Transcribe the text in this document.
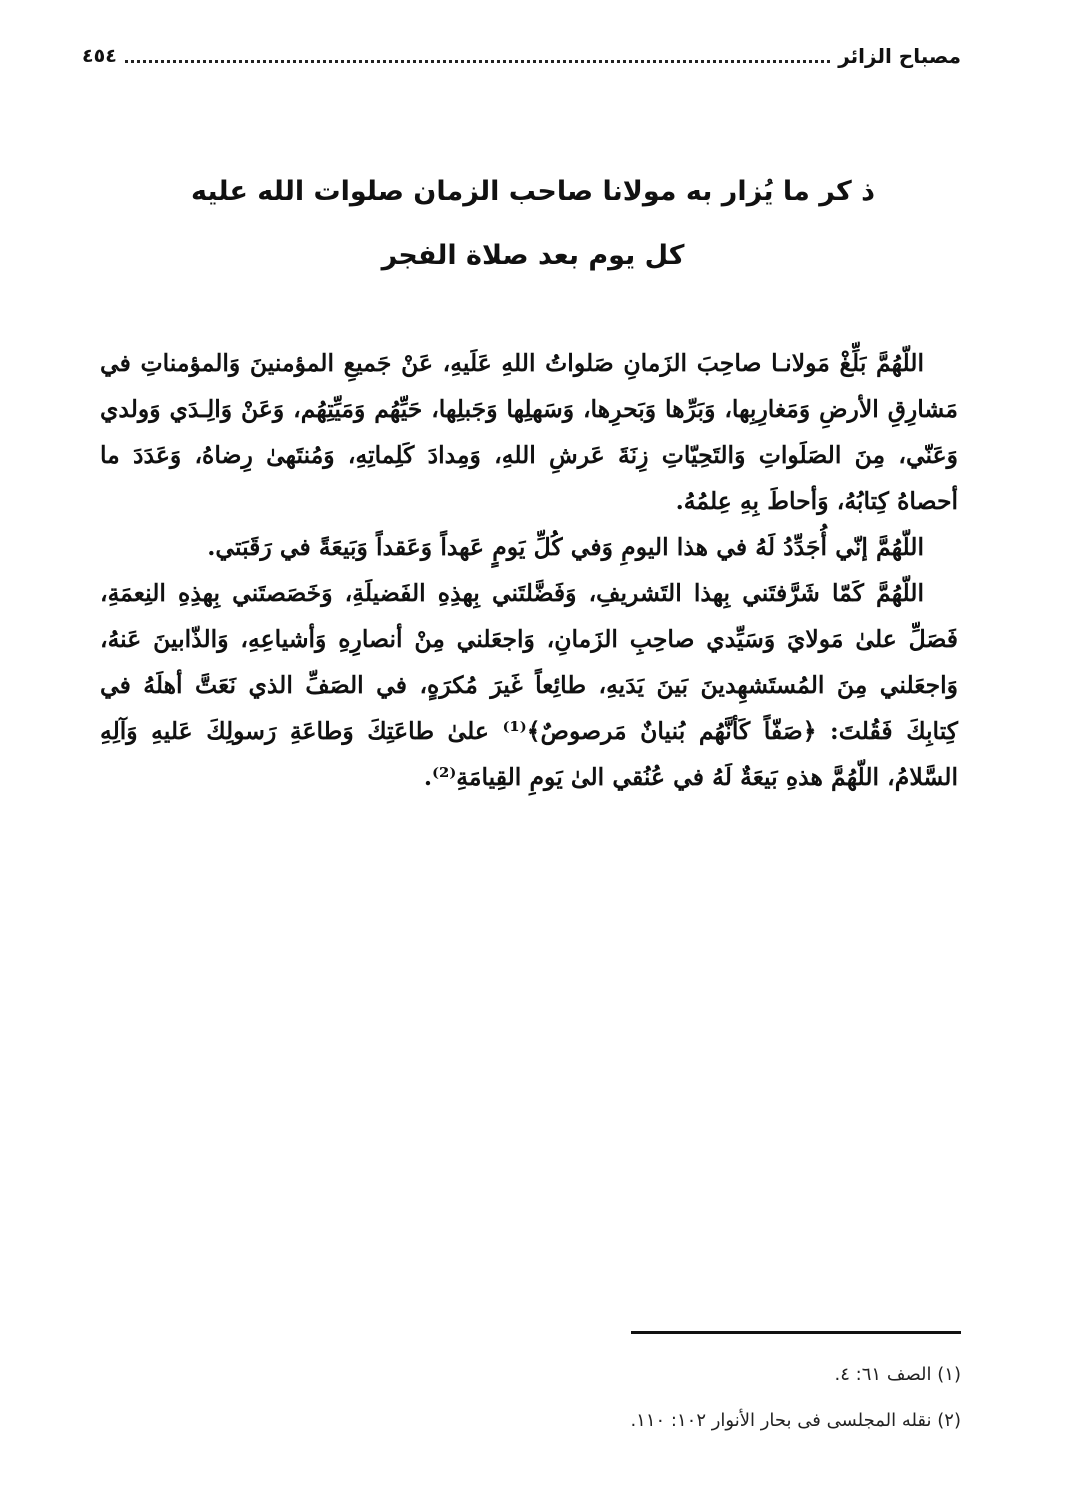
مصباح الزائر
٤٥٤
ذ كر ما يُزار به مولانا صاحب الزمان صلوات الله عليه
كل يوم بعد صلاة الفجر

اللّهُمَّ بَلِّغْ مَولانـا صاحِبَ الزَمانِ صَلواتُ اللهِ عَلَيهِ، عَنْ جَميعِ المؤمنينَ وَالمؤمناتِ في مَشارِقِ الأرضِ وَمَغارِبِها، وَبَرِّها وَبَحرِها، وَسَهلِها وَجَبلِها، حَيِّهُم وَمَيِّتِهُم، وَعَنْ وَالِـدَي وَولدي وَعَنّي، مِنَ الصَلَواتِ وَالتَحِيّاتِ زِنَةَ عَرشِ اللهِ، وَمِدادَ كَلِماتِهِ، وَمُنتَهىٰ رِضاهُ، وَعَدَدَ ما أحصاهُ كِتابُهُ، وَأحاطَ بِهِ عِلمُهُ.

اللّهُمَّ إنّي أُجَدِّدُ لَهُ في هذا اليومِ وَفي كُلِّ يَومٍ عَهداً وَعَقداً وَبَيعَةً في رَقَبَتي.

اللّهُمَّ كَمّا شَرَّفتَني بِهذا التَشريفِ، وَفَضَّلتَني بِهذِهِ الفَضيلَةِ، وَخَصَصتَني بِهذِهِ النِعمَةِ، فَصَلِّ علىٰ مَولايَ وَسَيِّدي صاحِبِ الزَمانِ، وَاجعَلني مِنْ أنصارِهِ وَأشياعِهِ، وَالذّابينَ عَنهُ، وَاجعَلني مِنَ المُستَشهِدينَ بَينَ يَدَيهِ، طائِعاً غَيرَ مُكرَهٍ، في الصَفِّ الذي نَعَتَّ أهلَهُ في كِتابِكَ فَقُلتَ: ﴿صَفّاً كَأنَّهُم بُنيانٌ مَرصوصٌ﴾⁽¹⁾ علىٰ طاعَتِكَ وَطاعَةِ رَسولِكَ عَليهِ وَآلِهِ السَّلامُ، اللّهُمَّ هذهِ بَيعَةٌ لَهُ في عُنُقي الىٰ يَومِ القِيامَةِ⁽²⁾.

(١) الصف ٦١: ٤.
(٢) نقله المجلسى فى بحار الأنوار ١٠٢: ١١٠.
